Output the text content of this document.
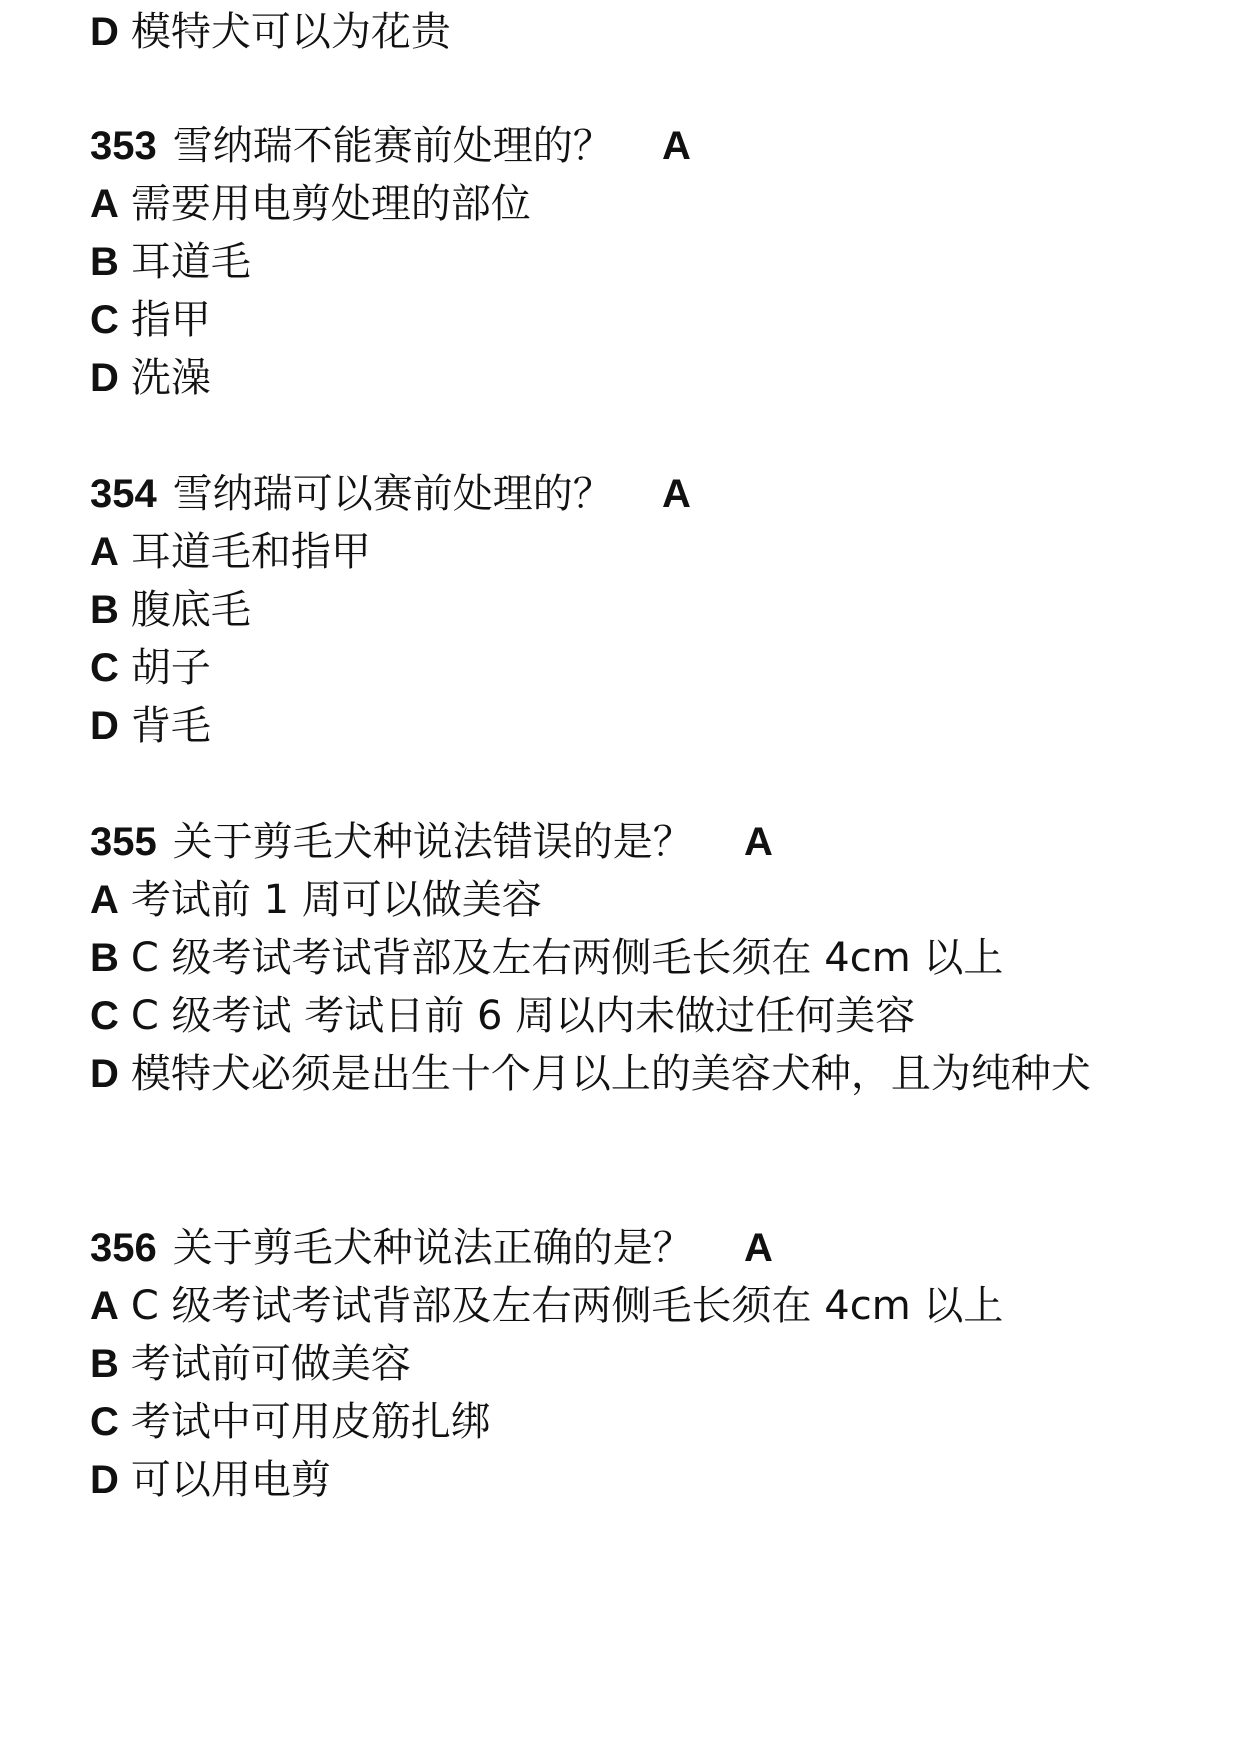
D 模特犬可以为花贵
353 雪纳瑞不能赛前处理的？ A
A 需要用电剪处理的部位
B 耳道毛
C 指甲
D 洗澡
354 雪纳瑞可以赛前处理的？ A
A 耳道毛和指甲
B 腹底毛
C 胡子
D 背毛
355 关于剪毛犬种说法错误的是？ A
A 考试前 1 周可以做美容
B C 级考试考试背部及左右两侧毛长须在 4cm 以上
C C 级考试 考试日前 6 周以内未做过任何美容
D 模特犬必须是出生十个月以上的美容犬种，且为纯种犬
356 关于剪毛犬种说法正确的是？ A
A C 级考试考试背部及左右两侧毛长须在 4cm 以上
B 考试前可做美容
C 考试中可用皮筋扎绑
D 可以用电剪
